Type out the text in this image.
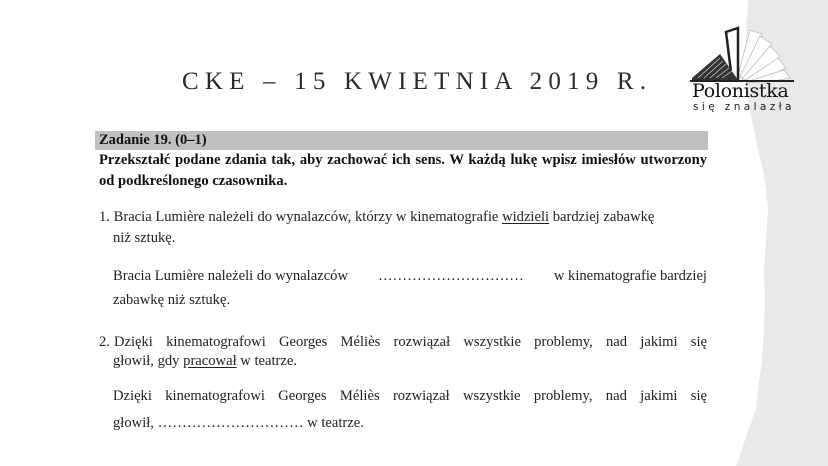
CKE – 15 KWIETNIA 2019 R. Polonistka
się znalazła
Zadanie 19. (0–1)
Przekształć podane zdania tak, aby zachować ich sens. W każdą lukę wpisz imiesłów utworzony od podkreślonego czasownika.
1. Bracia Lumière należeli do wynalazców, którzy w kinematografie widzieli bardziej zabawkę
niż sztukę.
Bracia Lumière należeli do wynalazców ………………………… w kinematografie bardziej
zabawkę niż sztukę.
2. Dzięki kinematografowi Georges Méliès rozwiązał wszystkie problemy, nad jakimi się
głowił, gdy pracował w teatrze.
Dzięki kinematografowi Georges Méliès rozwiązał wszystkie problemy, nad jakimi się
głowił, ………………………… w teatrze.
